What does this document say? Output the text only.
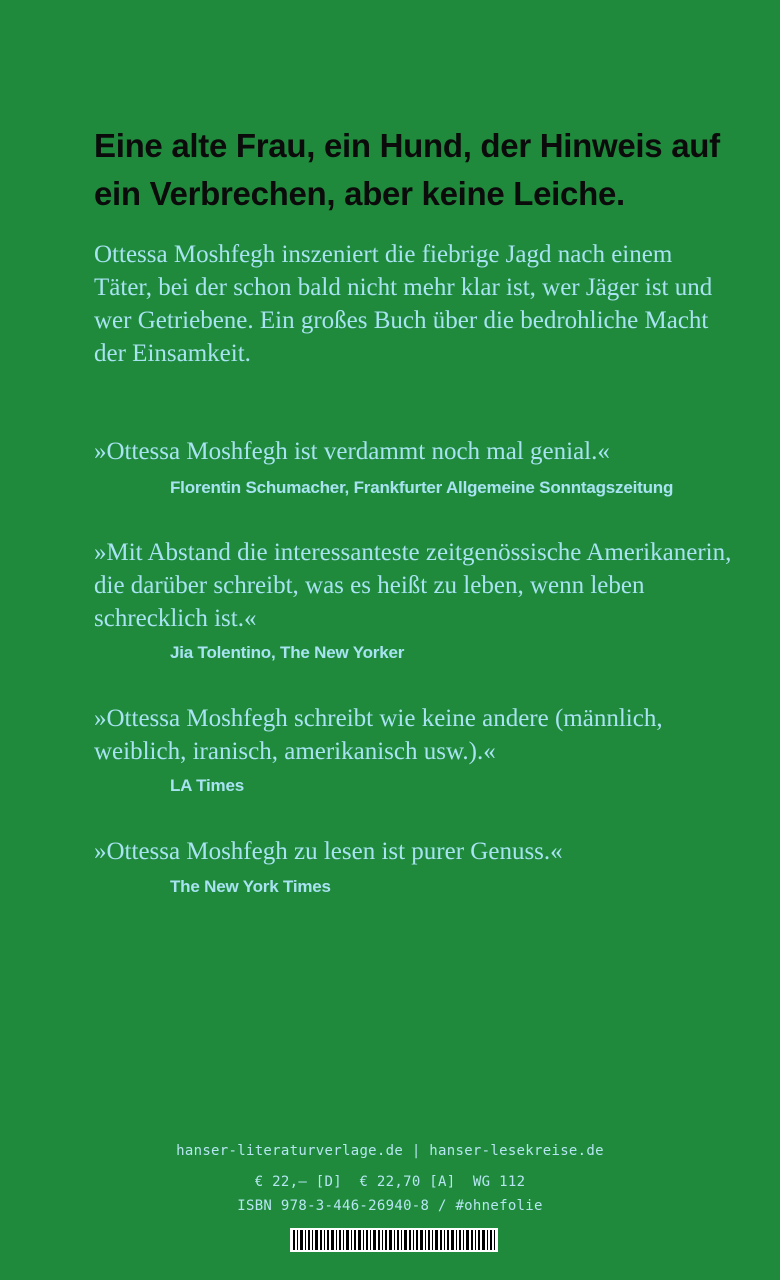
Eine alte Frau, ein Hund, der Hinweis auf
ein Verbrechen, aber keine Leiche.

Ottessa Moshfegh inszeniert die fiebrige Jagd nach einem Täter, bei der schon bald nicht mehr klar ist, wer Jäger ist und wer Getriebene. Ein großes Buch über die bedrohliche Macht der Einsamkeit.

»Ottessa Moshfegh ist verdammt noch mal genial.«

Florentin Schumacher, Frankfurter Allgemeine Sonntagszeitung

»Mit Abstand die interessanteste zeitgenössische Amerikanerin, die darüber schreibt, was es heißt zu leben, wenn leben schrecklich ist.«

Jia Tolentino, The New Yorker

»Ottessa Moshfegh schreibt wie keine andere (männlich, weiblich, iranisch, amerikanisch usw.).«

LA Times

»Ottessa Moshfegh zu lesen ist purer Genuss.«

The New York Times

hanser-literaturverlage.de | hanser-lesekreise.de

€ 22,– [D]  € 22,70 [A]  WG 112

ISBN 978-3-446-26940-8 / #ohnefolie
